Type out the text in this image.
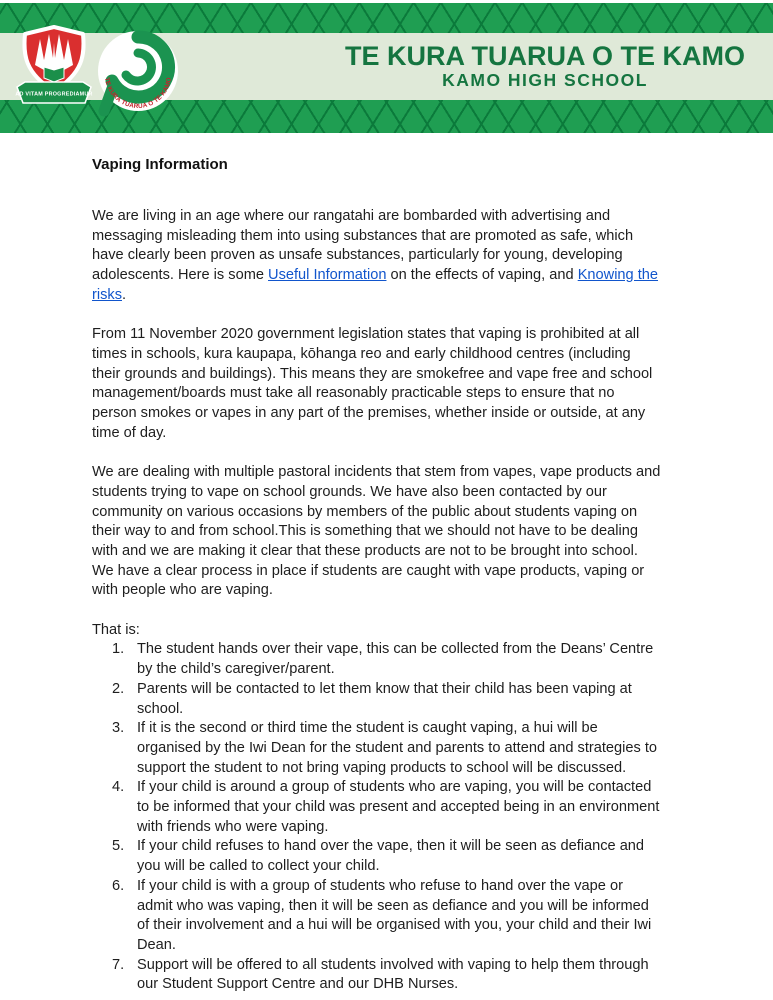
TE KURA TUARUA O TE KAMO
KAMO HIGH SCHOOL
AD VITAM PROGREDIAMUR
TE KURA TUARUA O TE KAMO
Vaping Information

We are living in an age where our rangatahi are bombarded with advertising and messaging misleading them into using substances that are promoted as safe, which have clearly been proven as unsafe substances, particularly for young, developing adolescents. Here is some Useful Information on the effects of vaping, and Knowing the risks.

From 11 November 2020 government legislation states that vaping is prohibited at all times in schools, kura kaupapa, kōhanga reo and early childhood centres (including their grounds and buildings). This means they are smokefree and vape free and school management/boards must take all reasonably practicable steps to ensure that no person smokes or vapes in any part of the premises, whether inside or outside, at any time of day.

We are dealing with multiple pastoral incidents that stem from vapes, vape products and students trying to vape on school grounds. We have also been contacted by our community on various occasions by members of the public about students vaping on their way to and from school.This is something that we should not have to be dealing with and we are making it clear that these products are not to be brought into school. We have a clear process in place if students are caught with vape products, vaping or with people who are vaping.

That is:

The student hands over their vape, this can be collected from the Deans’ Centre by the child’s caregiver/parent.
Parents will be contacted to let them know that their child has been vaping at school.
If it is the second or third time the student is caught vaping, a hui will be organised by the Iwi Dean for the student and parents to attend and strategies to support the student to not bring vaping products to school will be discussed.
If your child is around a group of students who are vaping, you will be contacted to be informed that your child was present and accepted being in an environment with friends who were vaping.
If your child refuses to hand over the vape, then it will be seen as defiance and you will be called to collect your child.
If your child is with a group of students who refuse to hand over the vape or admit who was vaping, then it will be seen as defiance and you will be informed of their involvement and a hui will be organised with you, your child and their Iwi Dean.
Support will be offered to all students involved with vaping to help them through our Student Support Centre and our DHB Nurses.
